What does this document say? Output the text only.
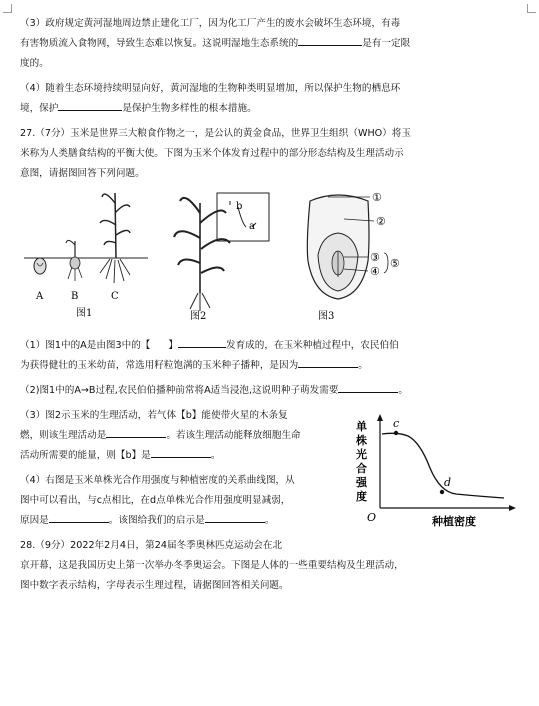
（3）政府规定黄河湿地周边禁止建化工厂，因为化工厂产生的废水会破坏生态环境，有毒
有害物质流入食物网，导致生态难以恢复。这说明湿地生态系统的	是有一定限
度的。
（4）随着生态环境持续明显向好，黄河湿地的生物种类明显增加，所以保护生物的栖息环
境，保护	是保护生物多样性的根本措施。
27.（7分）玉米是世界三大粮食作物之一，是公认的黄金食品，世界卫生组织（WHO）将玉
米称为人类膳食结构的平衡大使。下图为玉米个体发育过程中的部分形态结构及生理活动示
意图，请据图回答下列问题。
A	B	C
图1
b
a
图2
①
②
③
④
⑤
图3
（1）图1中的A是由图3中的【 】	发育成的，在玉米种植过程中，农民伯伯
为获得健壮的玉米幼苗，常选用籽粒饱满的玉米种子播种，是因为	。
（2)图1中的A→B过程,农民伯伯播种前常将A适当浸泡,这说明种子萌发需要	。
（3）图2示玉米的生理活动，若气体【b】能使带火星的木条复
燃，则该生理活动是	。若该生理活动能释放细胞生命
活动所需要的能量，则【b】是	。
（4）右图是玉米单株光合作用强度与种植密度的关系曲线图，从
图中可以看出，与c点相比，在d点单株光合作用强度明显减弱，
原因是	。该图给我们的启示是	。
c
d
O	种植密度
单
株
光
合
强
度
28.（9分）2022年2月4日，第24届冬季奥林匹克运动会在北
京开幕，这是我国历史上第一次举办冬季奥运会。下图是人体的一些重要结构及生理活动，
图中数字表示结构，字母表示生理过程，请据图回答相关问题。
